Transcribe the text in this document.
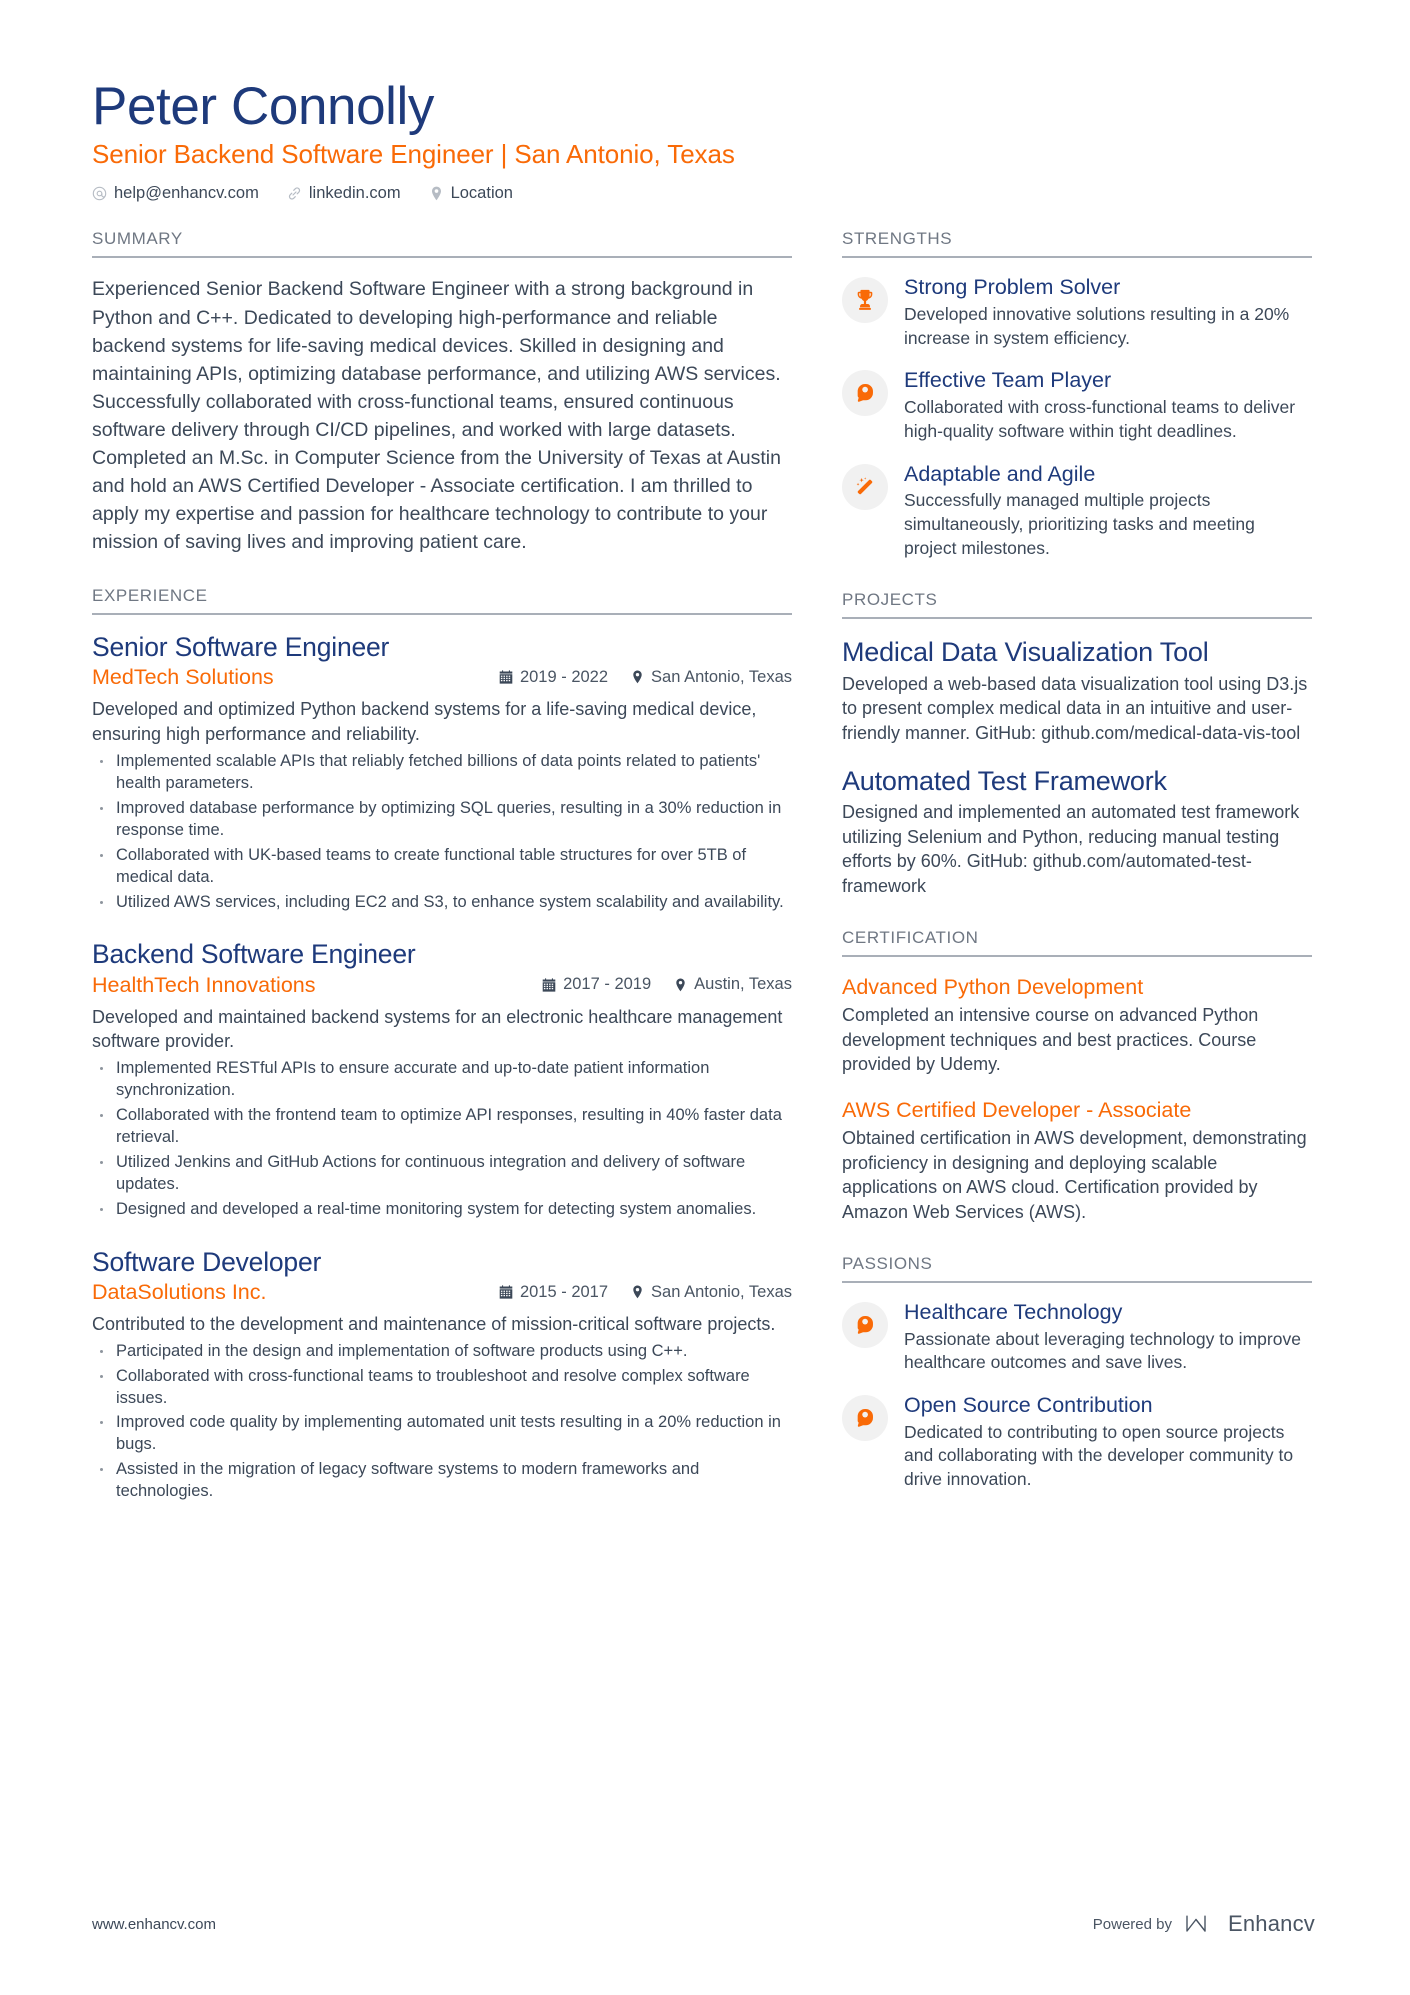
Peter Connolly
Senior Backend Software Engineer | San Antonio, Texas
help@enhancv.com	linkedin.com	Location
SUMMARY

Experienced Senior Backend Software Engineer with a strong background in Python and C++. Dedicated to developing high-performance and reliable backend systems for life-saving medical devices. Skilled in designing and maintaining APIs, optimizing database performance, and utilizing AWS services. Successfully collaborated with cross-functional teams, ensured continuous software delivery through CI/CD pipelines, and worked with large datasets. Completed an M.Sc. in Computer Science from the University of Texas at Austin and hold an AWS Certified Developer - Associate certification. I am thrilled to apply my expertise and passion for healthcare technology to contribute to your mission of saving lives and improving patient care.

EXPERIENCE
Senior Software Engineer
MedTech Solutions	2019 - 2022	San Antonio, Texas

Developed and optimized Python backend systems for a life-saving medical device, ensuring high performance and reliability.

Implemented scalable APIs that reliably fetched billions of data points related to patients' health parameters.
Improved database performance by optimizing SQL queries, resulting in a 30% reduction in response time.
Collaborated with UK-based teams to create functional table structures for over 5TB of medical data.
Utilized AWS services, including EC2 and S3, to enhance system scalability and availability.
Backend Software Engineer
HealthTech Innovations	2017 - 2019	Austin, Texas

Developed and maintained backend systems for an electronic healthcare management software provider.

Implemented RESTful APIs to ensure accurate and up-to-date patient information synchronization.
Collaborated with the frontend team to optimize API responses, resulting in 40% faster data retrieval.
Utilized Jenkins and GitHub Actions for continuous integration and delivery of software updates.
Designed and developed a real-time monitoring system for detecting system anomalies.
Software Developer
DataSolutions Inc.	2015 - 2017	San Antonio, Texas

Contributed to the development and maintenance of mission-critical software projects.

Participated in the design and implementation of software products using C++.
Collaborated with cross-functional teams to troubleshoot and resolve complex software issues.
Improved code quality by implementing automated unit tests resulting in a 20% reduction in bugs.
Assisted in the migration of legacy software systems to modern frameworks and technologies.
STRENGTHS
Strong Problem Solver

Developed innovative solutions resulting in a 20% increase in system efficiency.

Effective Team Player

Collaborated with cross-functional teams to deliver high-quality software within tight deadlines.

Adaptable and Agile

Successfully managed multiple projects simultaneously, prioritizing tasks and meeting project milestones.

PROJECTS
Medical Data Visualization Tool

Developed a web-based data visualization tool using D3.js to present complex medical data in an intuitive and user-friendly manner. GitHub: github.com/medical-data-vis-tool

Automated Test Framework

Designed and implemented an automated test framework utilizing Selenium and Python, reducing manual testing efforts by 60%. GitHub: github.com/automated-test-framework

CERTIFICATION
Advanced Python Development

Completed an intensive course on advanced Python development techniques and best practices. Course provided by Udemy.

AWS Certified Developer - Associate

Obtained certification in AWS development, demonstrating proficiency in designing and deploying scalable applications on AWS cloud. Certification provided by Amazon Web Services (AWS).

PASSIONS
Healthcare Technology

Passionate about leveraging technology to improve healthcare outcomes and save lives.

Open Source Contribution

Dedicated to contributing to open source projects and collaborating with the developer community to drive innovation.

www.enhancv.com	Powered by	Enhancv
